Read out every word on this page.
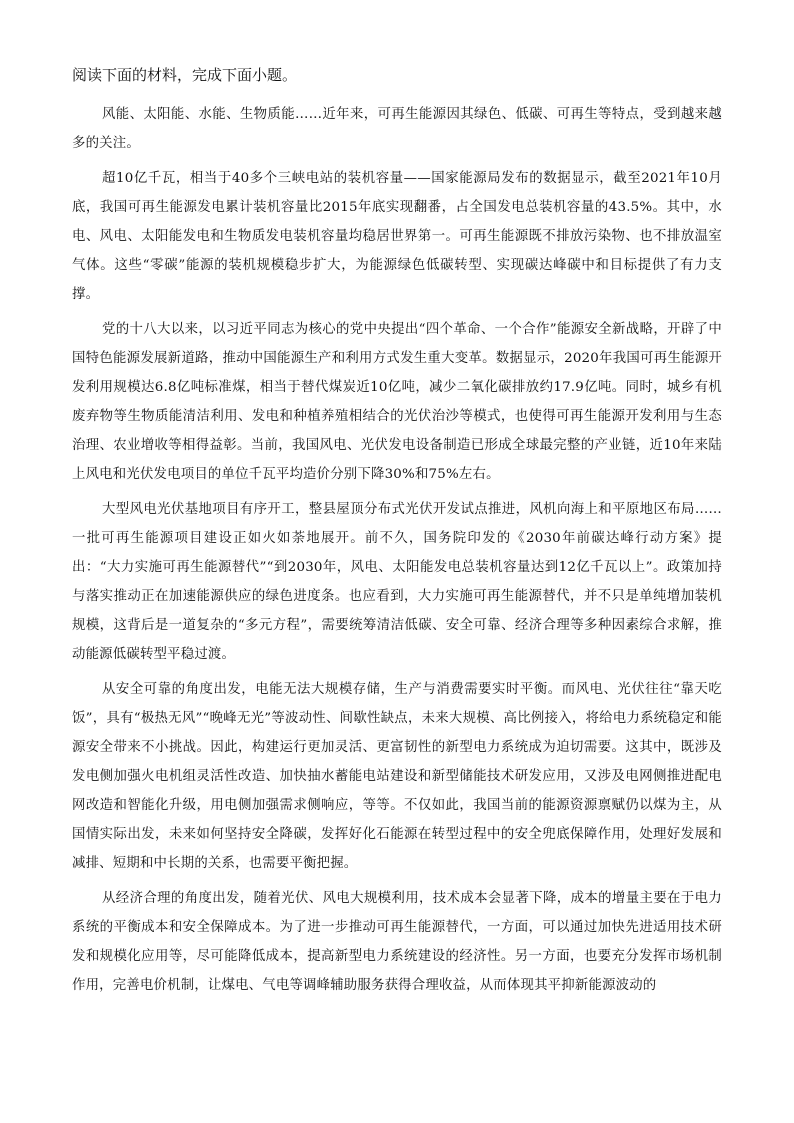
阅读下面的材料，完成下面小题。

风能、太阳能、水能、生物质能……近年来，可再生能源因其绿色、低碳、可再生等特点，受到越来越多的关注。

超10亿千瓦，相当于40多个三峡电站的装机容量——国家能源局发布的数据显示，截至2021年10月底，我国可再生能源发电累计装机容量比2015年底实现翻番，占全国发电总装机容量的43.5%。其中，水电、风电、太阳能发电和生物质发电装机容量均稳居世界第一。可再生能源既不排放污染物、也不排放温室气体。这些“零碳”能源的装机规模稳步扩大，为能源绿色低碳转型、实现碳达峰碳中和目标提供了有力支撑。

党的十八大以来，以习近平同志为核心的党中央提出“四个革命、一个合作”能源安全新战略，开辟了中国特色能源发展新道路，推动中国能源生产和利用方式发生重大变革。数据显示，2020年我国可再生能源开发利用规模达6.8亿吨标准煤，相当于替代煤炭近10亿吨，减少二氧化碳排放约17.9亿吨。同时，城乡有机废弃物等生物质能清洁利用、发电和种植养殖相结合的光伏治沙等模式，也使得可再生能源开发利用与生态治理、农业增收等相得益彰。当前，我国风电、光伏发电设备制造已形成全球最完整的产业链，近10年来陆上风电和光伏发电项目的单位千瓦平均造价分别下降30%和75%左右。

大型风电光伏基地项目有序开工，整县屋顶分布式光伏开发试点推进，风机向海上和平原地区布局……一批可再生能源项目建设正如火如荼地展开。前不久，国务院印发的《2030年前碳达峰行动方案》提出：“大力实施可再生能源替代”“到2030年，风电、太阳能发电总装机容量达到12亿千瓦以上”。政策加持与落实推动正在加速能源供应的绿色进度条。也应看到，大力实施可再生能源替代，并不只是单纯增加装机规模，这背后是一道复杂的“多元方程”，需要统筹清洁低碳、安全可靠、经济合理等多种因素综合求解，推动能源低碳转型平稳过渡。

从安全可靠的角度出发，电能无法大规模存储，生产与消费需要实时平衡。而风电、光伏往往“靠天吃饭”，具有“极热无风”“晚峰无光”等波动性、间歇性缺点，未来大规模、高比例接入，将给电力系统稳定和能源安全带来不小挑战。因此，构建运行更加灵活、更富韧性的新型电力系统成为迫切需要。这其中，既涉及发电侧加强火电机组灵活性改造、加快抽水蓄能电站建设和新型储能技术研发应用，又涉及电网侧推进配电网改造和智能化升级，用电侧加强需求侧响应，等等。不仅如此，我国当前的能源资源禀赋仍以煤为主，从国情实际出发，未来如何坚持安全降碳，发挥好化石能源在转型过程中的安全兜底保障作用，处理好发展和减排、短期和中长期的关系，也需要平衡把握。

从经济合理的角度出发，随着光伏、风电大规模利用，技术成本会显著下降，成本的增量主要在于电力系统的平衡成本和安全保障成本。为了进一步推动可再生能源替代，一方面，可以通过加快先进适用技术研发和规模化应用等，尽可能降低成本，提高新型电力系统建设的经济性。另一方面，也要充分发挥市场机制作用，完善电价机制，让煤电、气电等调峰辅助服务获得合理收益，从而体现其平抑新能源波动的
